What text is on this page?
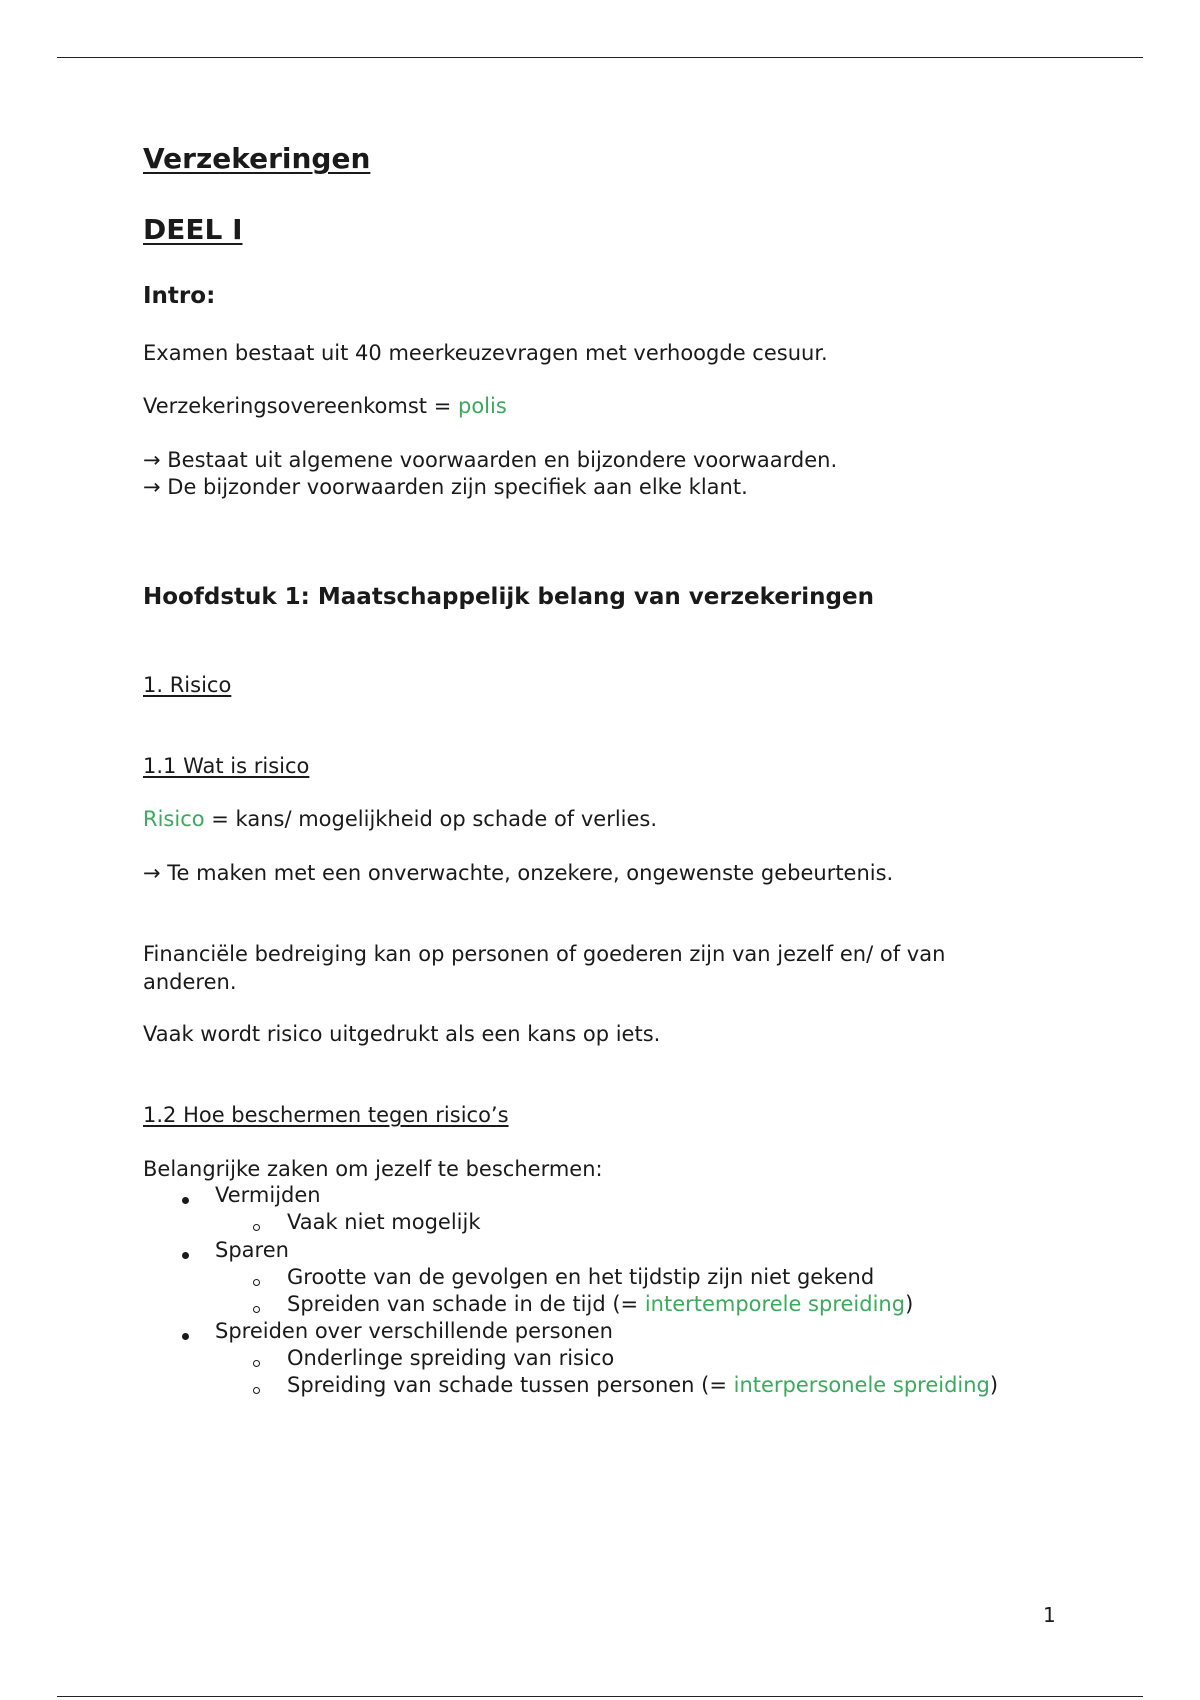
Verzekeringen
DEEL I
Intro:
Examen bestaat uit 40 meerkeuzevragen met verhoogde cesuur.
Verzekeringsovereenkomst = polis
→ Bestaat uit algemene voorwaarden en bijzondere voorwaarden.
→ De bijzonder voorwaarden zijn specifiek aan elke klant.
Hoofdstuk 1: Maatschappelijk belang van verzekeringen
1. Risico
1.1 Wat is risico
Risico = kans/ mogelijkheid op schade of verlies.
→ Te maken met een onverwachte, onzekere, ongewenste gebeurtenis.
Financiële bedreiging kan op personen of goederen zijn van jezelf en/ of van
anderen.
Vaak wordt risico uitgedrukt als een kans op iets.
1.2 Hoe beschermen tegen risico’s
Belangrijke zaken om jezelf te beschermen:
Vermijden
Vaak niet mogelijk
Sparen
Grootte van de gevolgen en het tijdstip zijn niet gekend
Spreiden van schade in de tijd (= intertemporele spreiding)
Spreiden over verschillende personen
Onderlinge spreiding van risico
Spreiding van schade tussen personen (= interpersonele spreiding)
1
